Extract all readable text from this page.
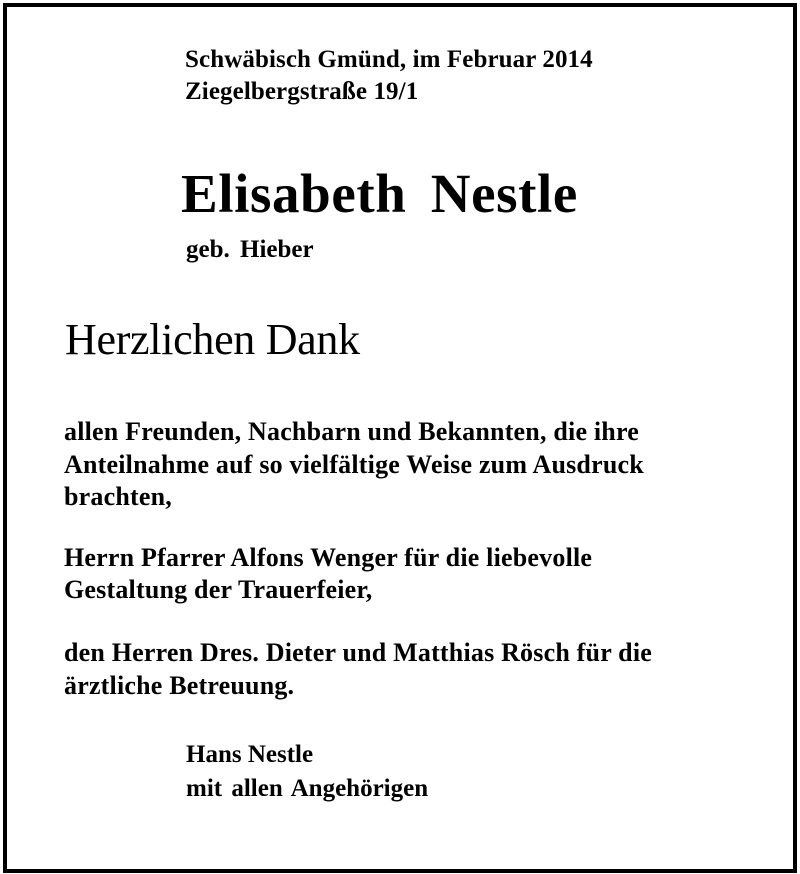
Schwäbisch Gmünd, im Februar 2014

Ziegelbergstraße 19/1

Elisabeth Nestle

geb. Hieber

Herzlichen Dank

allen Freunden, Nachbarn und Bekannten, die ihre

Anteilnahme auf so vielfältige Weise zum Ausdruck

brachten,

Herrn Pfarrer Alfons Wenger für die liebevolle

Gestaltung der Trauerfeier,

den Herren Dres. Dieter und Matthias Rösch für die

ärztliche Betreuung.

Hans Nestle

mit allen Angehörigen
